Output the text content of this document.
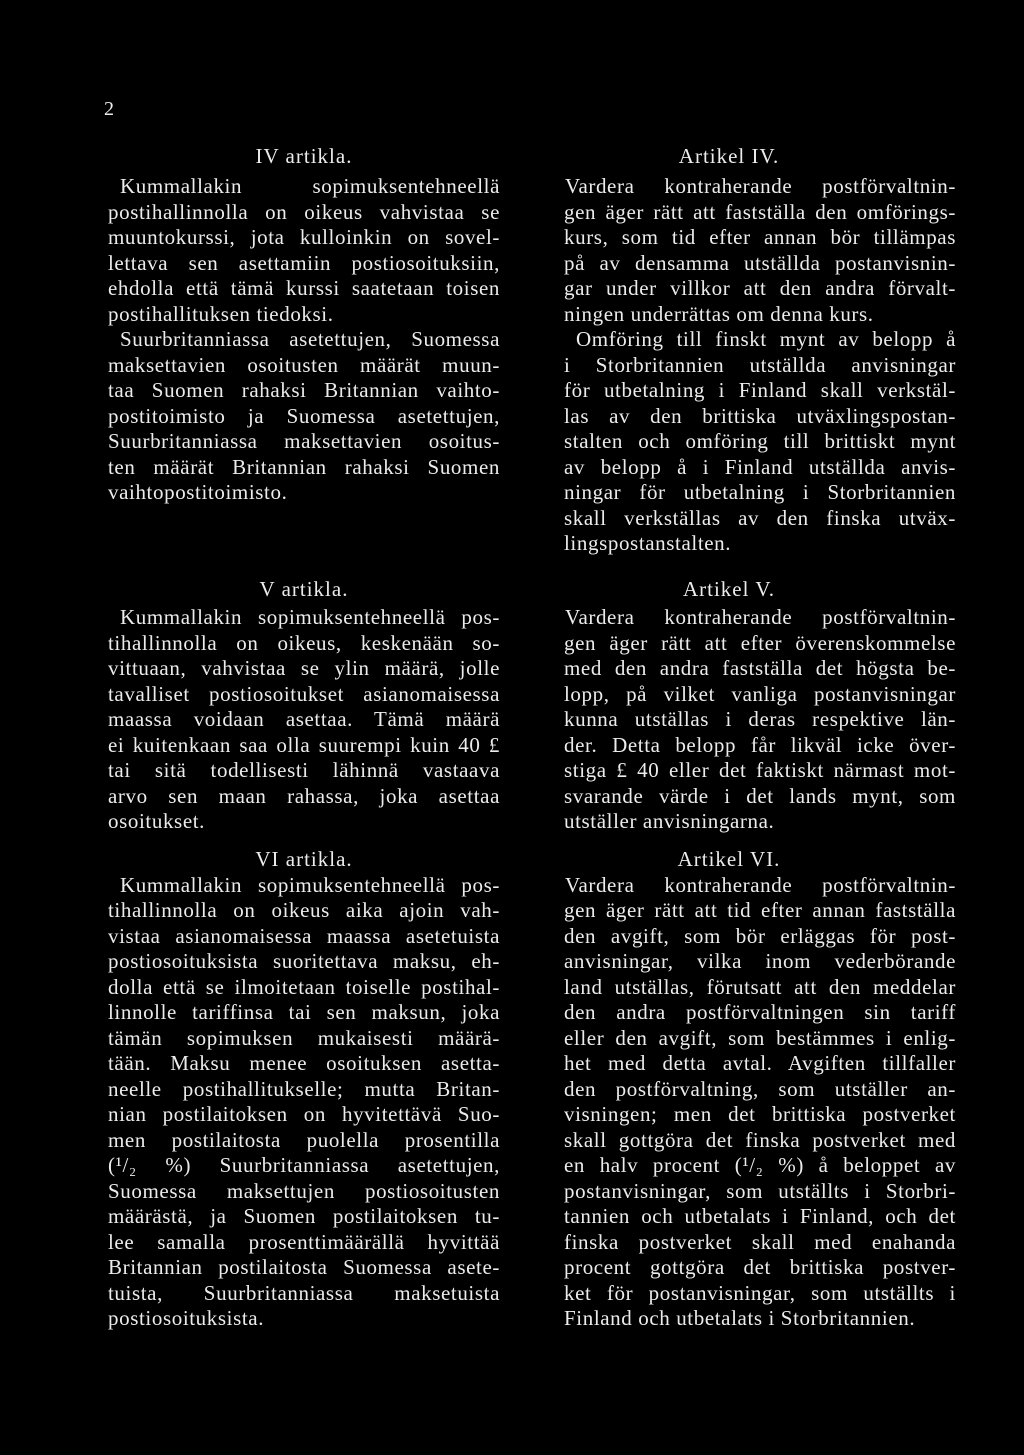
2
IV artikla.
Kummallakin sopimuksentehneellä
postihallinnolla on oikeus vahvistaa se
muuntokurssi, jota kulloinkin on sovel-
lettava sen asettamiin postiosoituksiin,
ehdolla että tämä kurssi saatetaan toisen
postihallituksen tiedoksi.
Suurbritanniassa asetettujen, Suomessa
maksettavien osoitusten määrät muun-
taa Suomen rahaksi Britannian vaihto-
postitoimisto ja Suomessa asetettujen,
Suurbritanniassa maksettavien osoitus-
ten määrät Britannian rahaksi Suomen
vaihtopostitoimisto.
Artikel IV.
Vardera kontraherande postförvaltnin-
gen äger rätt att fastställa den omförings-
kurs, som tid efter annan bör tillämpas
på av densamma utställda postanvisnin-
gar under villkor att den andra förvalt-
ningen underrättas om denna kurs.
Omföring till finskt mynt av belopp å
i Storbritannien utställda anvisningar
för utbetalning i Finland skall verkstäl-
las av den brittiska utväxlingspostan-
stalten och omföring till brittiskt mynt
av belopp å i Finland utställda anvis-
ningar för utbetalning i Storbritannien
skall verkställas av den finska utväx-
lingspostanstalten.
V artikla.
Kummallakin sopimuksentehneellä pos-
tihallinnolla on oikeus, keskenään so-
vittuaan, vahvistaa se ylin määrä, jolle
tavalliset postiosoitukset asianomaisessa
maassa voidaan asettaa. Tämä määrä
ei kuitenkaan saa olla suurempi kuin 40 £
tai sitä todellisesti lähinnä vastaava
arvo sen maan rahassa, joka asettaa
osoitukset.
Artikel V.
Vardera kontraherande postförvaltnin-
gen äger rätt att efter överenskommelse
med den andra fastställa det högsta be-
lopp, på vilket vanliga postanvisningar
kunna utställas i deras respektive län-
der. Detta belopp får likväl icke över-
stiga £ 40 eller det faktiskt närmast mot-
svarande värde i det lands mynt, som
utställer anvisningarna.
VI artikla.
Kummallakin sopimuksentehneellä pos-
tihallinnolla on oikeus aika ajoin vah-
vistaa asianomaisessa maassa asetetuista
postiosoituksista suoritettava maksu, eh-
dolla että se ilmoitetaan toiselle postihal-
linnolle tariffinsa tai sen maksun, joka
tämän sopimuksen mukaisesti määrä-
tään. Maksu menee osoituksen asetta-
neelle postihallitukselle; mutta Britan-
nian postilaitoksen on hyvitettävä Suo-
men postilaitosta puolella prosentilla
(¹/₂ %) Suurbritanniassa asetettujen,
Suomessa maksettujen postiosoitusten
määrästä, ja Suomen postilaitoksen tu-
lee samalla prosenttimäärällä hyvittää
Britannian postilaitosta Suomessa asete-
tuista, Suurbritanniassa maksetuista
postiosoituksista.
Artikel VI.
Vardera kontraherande postförvaltnin-
gen äger rätt att tid efter annan fastställa
den avgift, som bör erläggas för post-
anvisningar, vilka inom vederbörande
land utställas, förutsatt att den meddelar
den andra postförvaltningen sin tariff
eller den avgift, som bestämmes i enlig-
het med detta avtal. Avgiften tillfaller
den postförvaltning, som utställer an-
visningen; men det brittiska postverket
skall gottgöra det finska postverket med
en halv procent (¹/₂ %) å beloppet av
postanvisningar, som utställts i Storbri-
tannien och utbetalats i Finland, och det
finska postverket skall med enahanda
procent gottgöra det brittiska postver-
ket för postanvisningar, som utställts i
Finland och utbetalats i Storbritannien.
